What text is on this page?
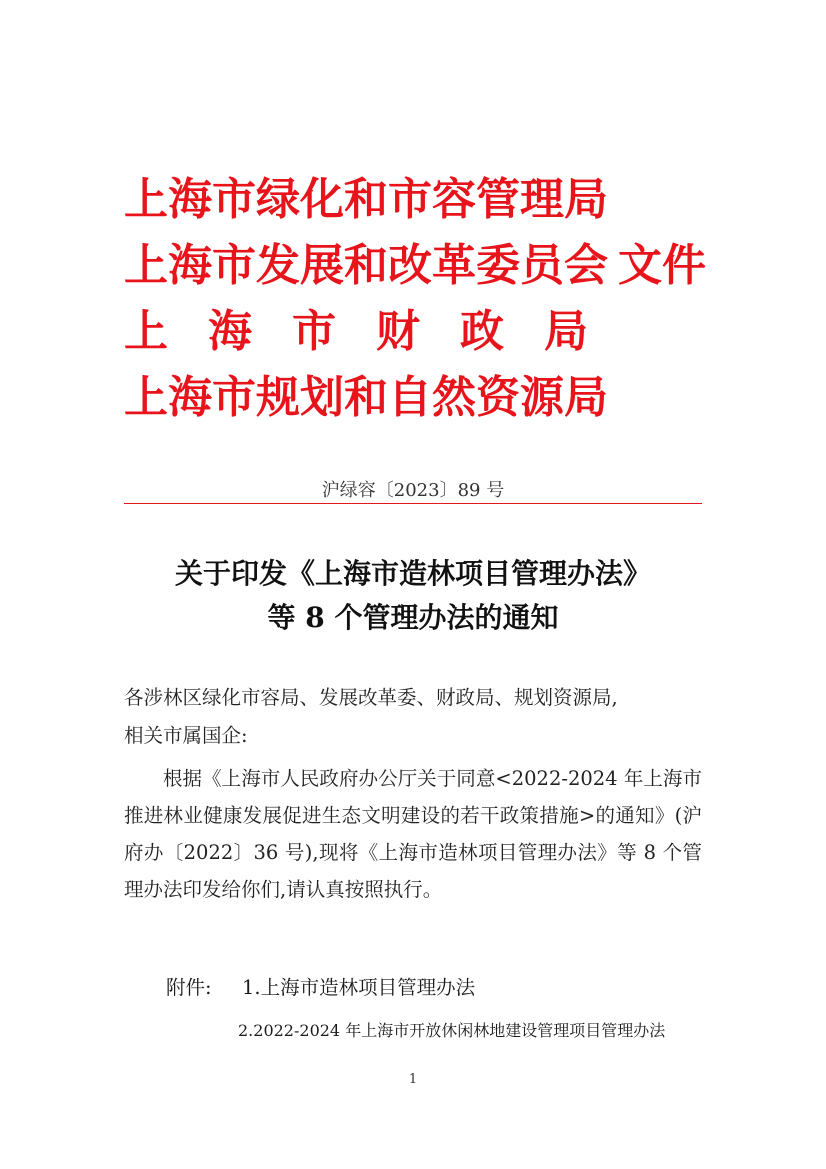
上海市绿化和市容管理局
上海市发展和改革委员会
上海市财政局
上海市规划和自然资源局
文件
沪绿容〔2023〕89 号
关于印发《上海市造林项目管理办法》
等 8 个管理办法的通知
各涉林区绿化市容局、发展改革委、财政局、规划资源局,
相关市属国企:
根据《上海市人民政府办公厅关于同意<2022-2024 年上海市推进林业健康发展促进生态文明建设的若干政策措施>的通知》(沪府办〔2022〕36 号),现将《上海市造林项目管理办法》等 8 个管理办法印发给你们,请认真按照执行。
附件: 1.上海市造林项目管理办法
2.2022-2024 年上海市开放休闲林地建设管理项目管理办法
1
